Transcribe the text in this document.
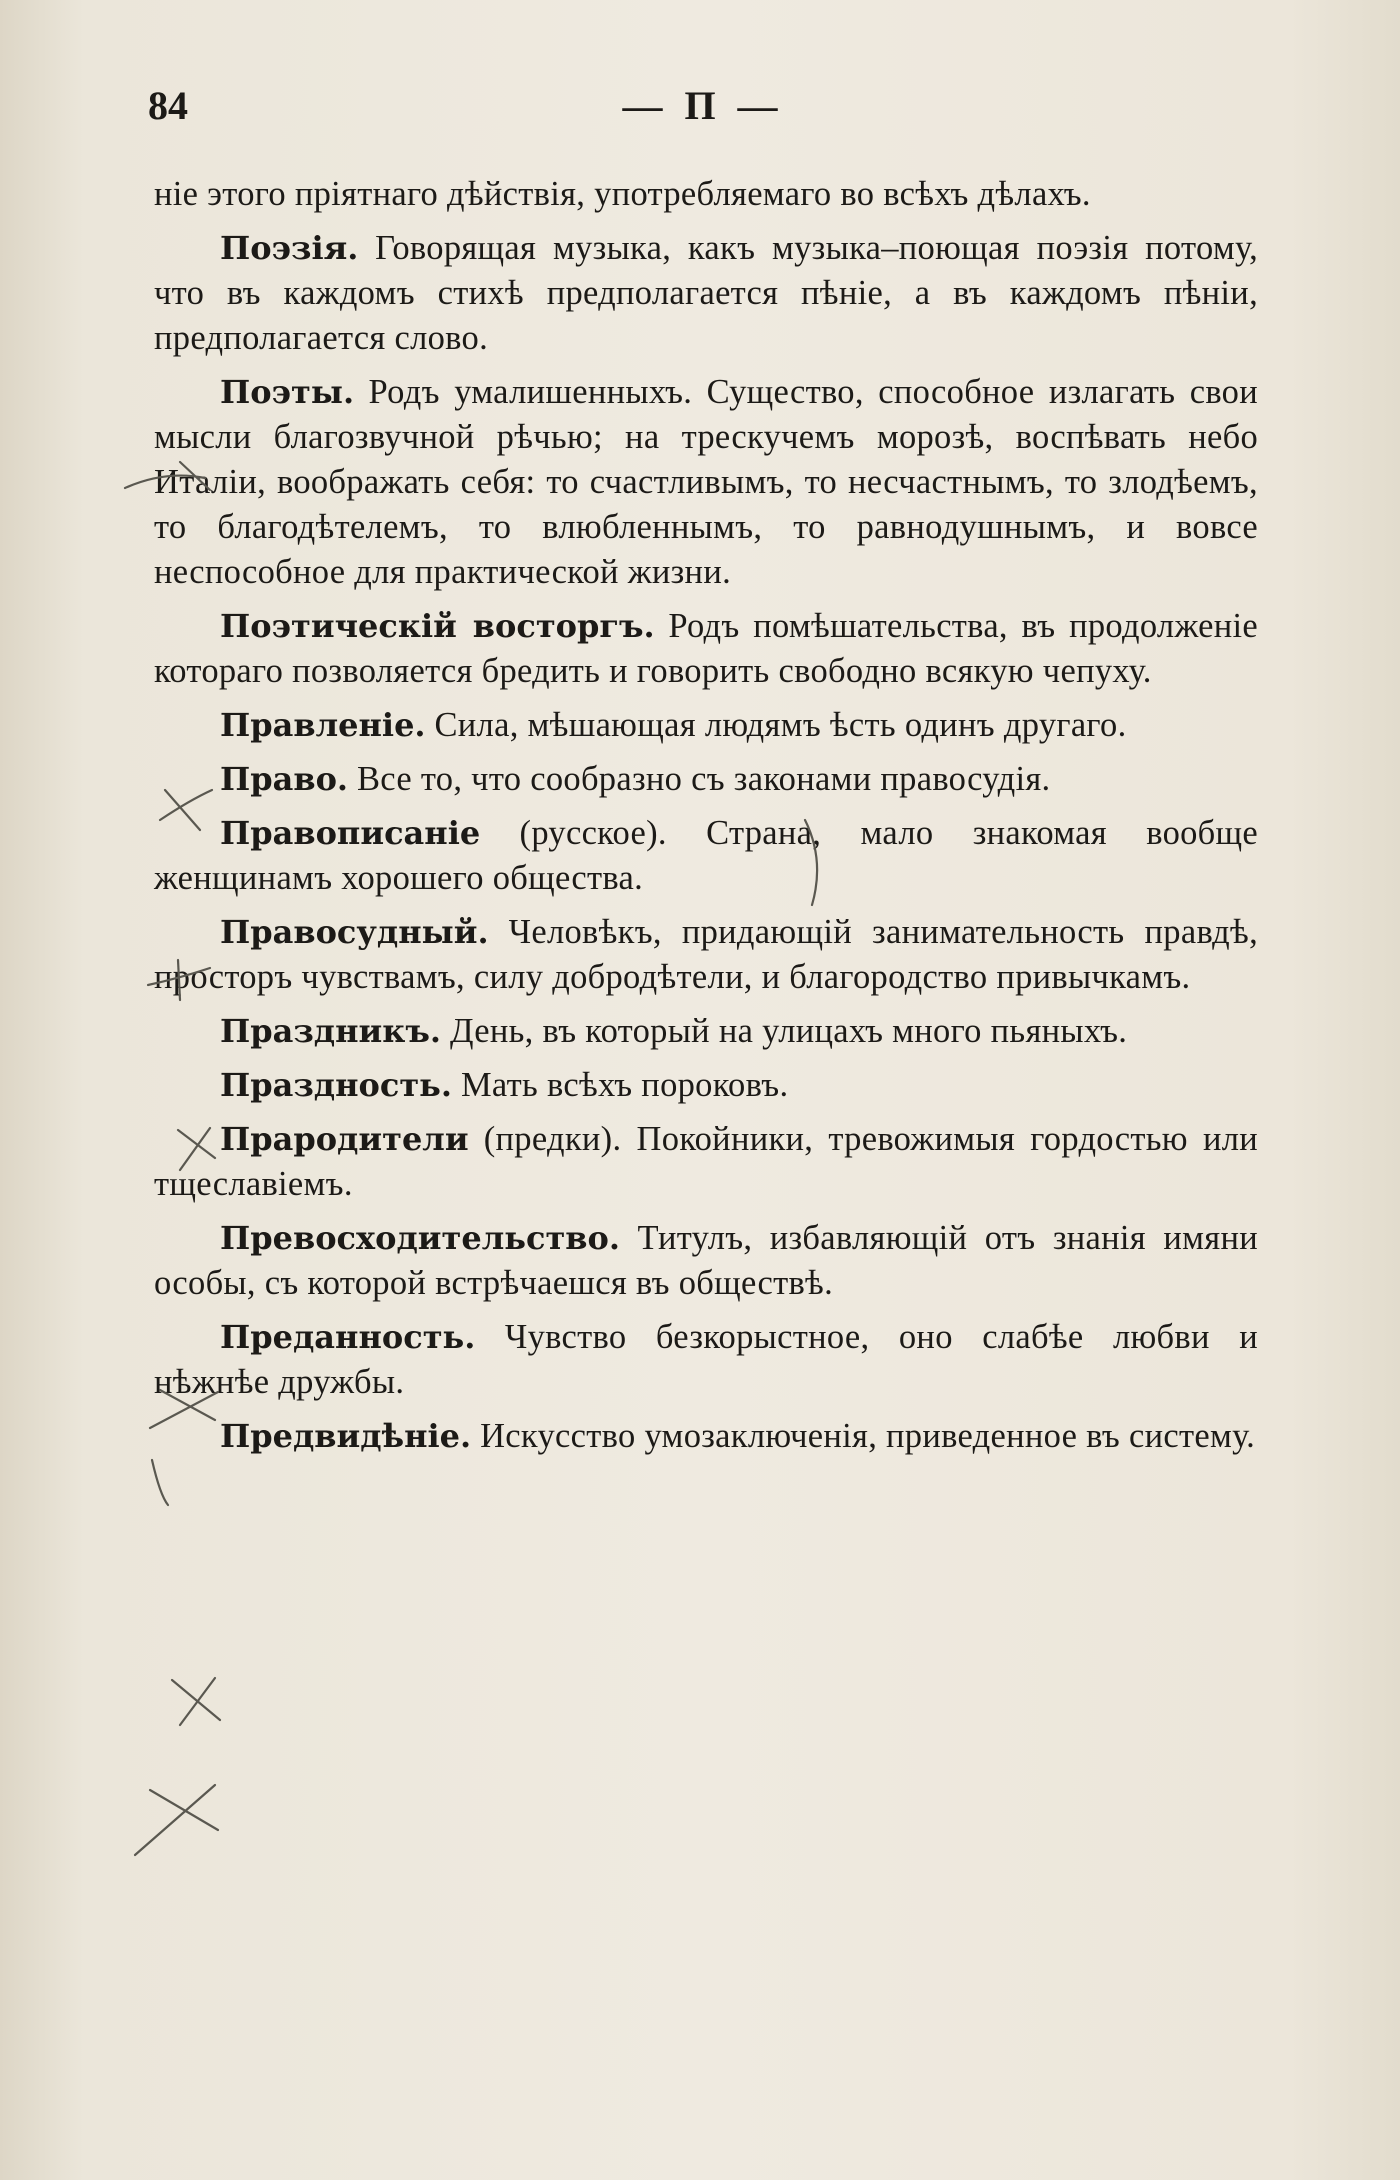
84	— П —

ніе этого пріятнаго дѣйствія, употребляемаго во всѣхъ дѣлахъ.

Поэзія. Говорящая музыка, какъ музыка–поющая поэзія потому, что въ каждомъ стихѣ предполагается пѣніе, а въ каждомъ пѣніи, предполагается слово.

Поэты. Родъ умалишенныхъ. Существо, способное излагать свои мысли благозвучной рѣчью; на трескучемъ морозѣ, воспѣвать небо Италіи, воображать себя: то счастливымъ, то несчастнымъ, то злодѣемъ, то благодѣтелемъ, то влюбленнымъ, то равнодушнымъ, и вовсе неспособное для практической жизни.

Поэтическій восторгъ. Родъ помѣшательства, въ продолженіе котораго позволяется бредить и говорить свободно всякую чепуху.

Правленіе. Сила, мѣшающая людямъ ѣсть одинъ другаго.

Право. Все то, что сообразно съ законами правосудія.

Правописаніе (русское). Страна, мало знакомая вообще женщинамъ хорошего общества.

Правосудный. Человѣкъ, придающій занимательность правдѣ, просторъ чувствамъ, силу добродѣтели, и благородство привычкамъ.

Праздникъ. День, въ который на улицахъ много пьяныхъ.

Праздность. Мать всѣхъ пороковъ.

Прародители (предки). Покойники, тревожимыя гордостью или тщеславіемъ.

Превосходительство. Титулъ, избавляющій отъ знанія имяни особы, съ которой встрѣчаешся въ обществѣ.

Преданность. Чувство безкорыстное, оно слабѣе любви и нѣжнѣе дружбы.

Предвидѣніе. Искусство умозаключенія, приведенное въ систему.
